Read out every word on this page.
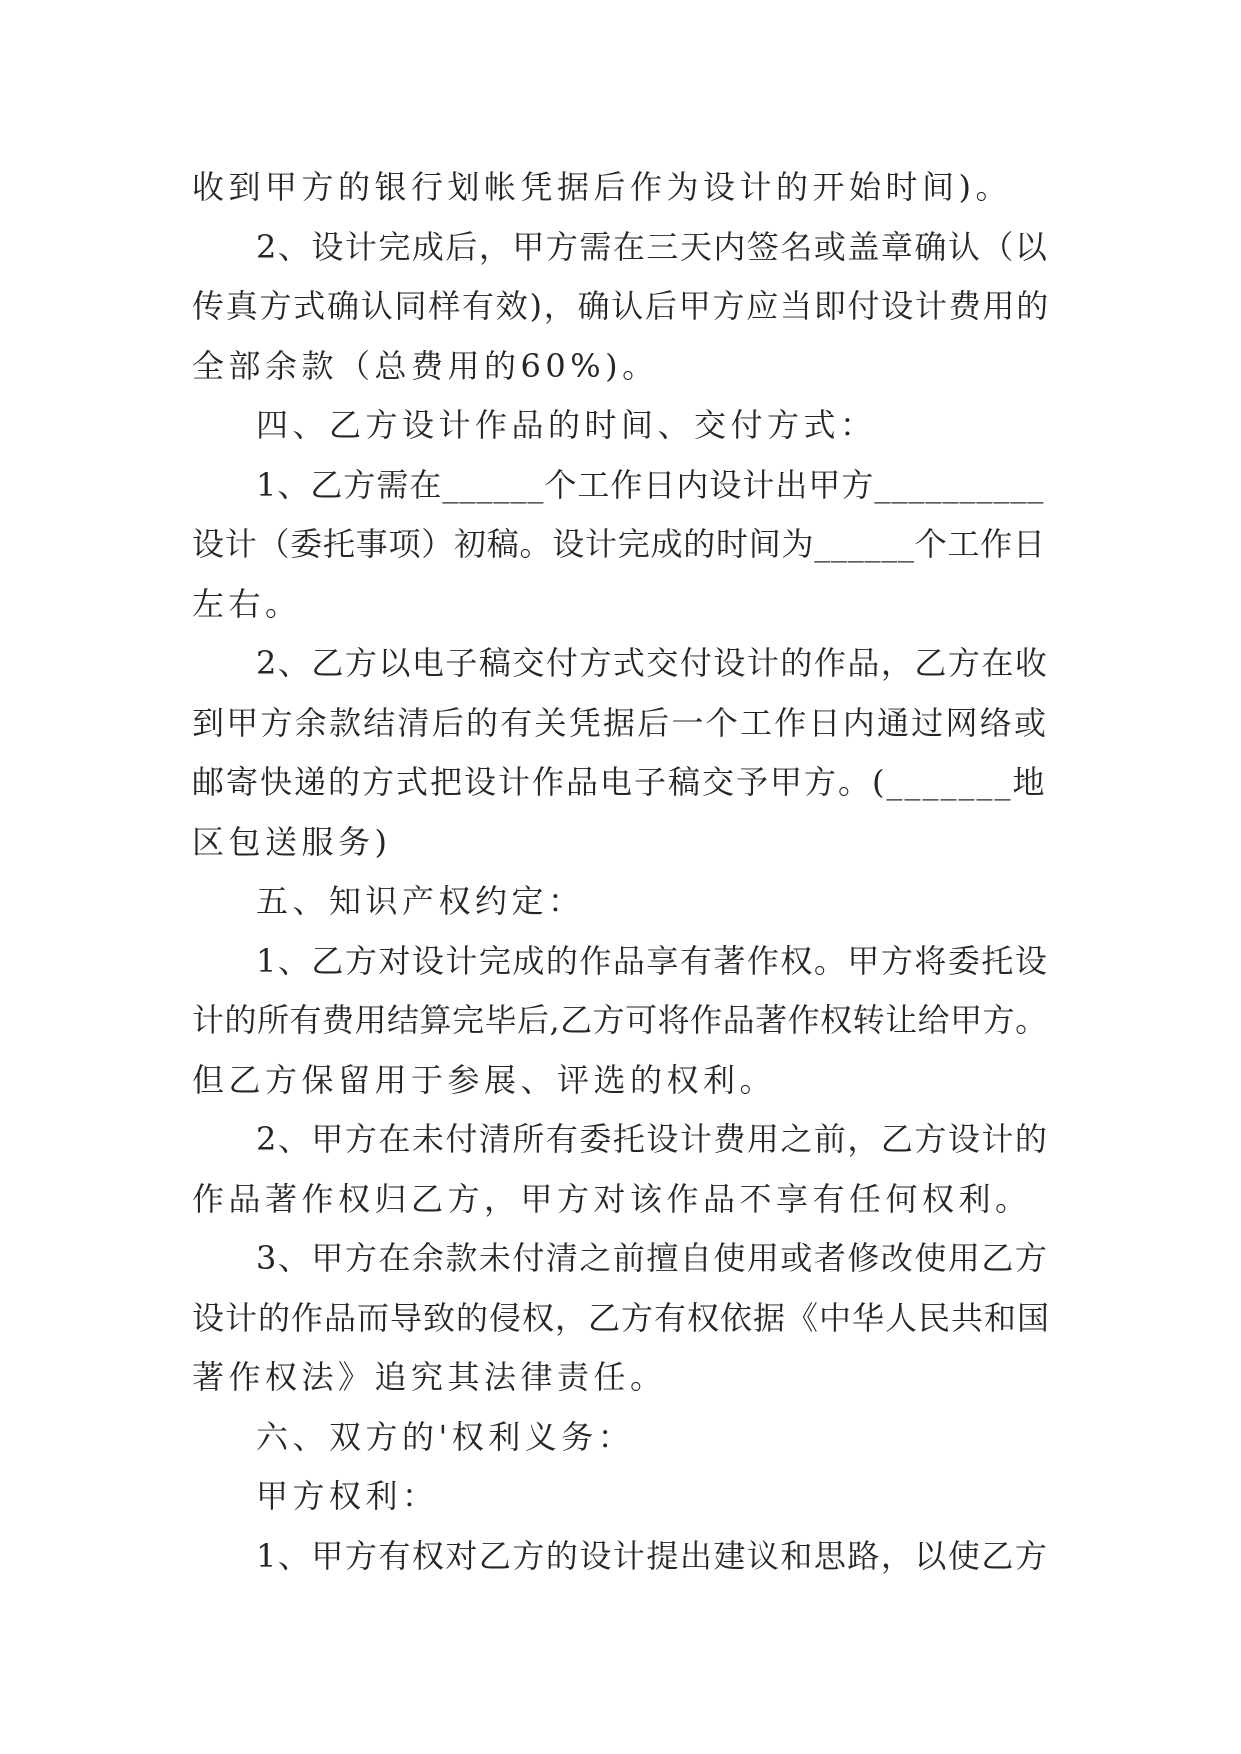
收到甲方的银行划帐凭据后作为设计的开始时间)。
2、设计完成后，甲方需在三天内签名或盖章确认（以
传真方式确认同样有效)，确认后甲方应当即付设计费用的
全部余款（总费用的60%)。
四、乙方设计作品的时间、交付方式：
1、乙方需在______个工作日内设计出甲方__________
设计（委托事项）初稿。设计完成的时间为______个工作日
左右。
2、乙方以电子稿交付方式交付设计的作品，乙方在收
到甲方余款结清后的有关凭据后一个工作日内通过网络或
邮寄快递的方式把设计作品电子稿交予甲方。(_______地
区包送服务)
五、知识产权约定：
1、乙方对设计完成的作品享有著作权。甲方将委托设
计的所有费用结算完毕后,乙方可将作品著作权转让给甲方。
但乙方保留用于参展、评选的权利。
2、甲方在未付清所有委托设计费用之前，乙方设计的
作品著作权归乙方，甲方对该作品不享有任何权利。
3、甲方在余款未付清之前擅自使用或者修改使用乙方
设计的作品而导致的侵权，乙方有权依据《中华人民共和国
著作权法》追究其法律责任。
六、双方的'权利义务：
甲方权利：
1、甲方有权对乙方的设计提出建议和思路，以使乙方
